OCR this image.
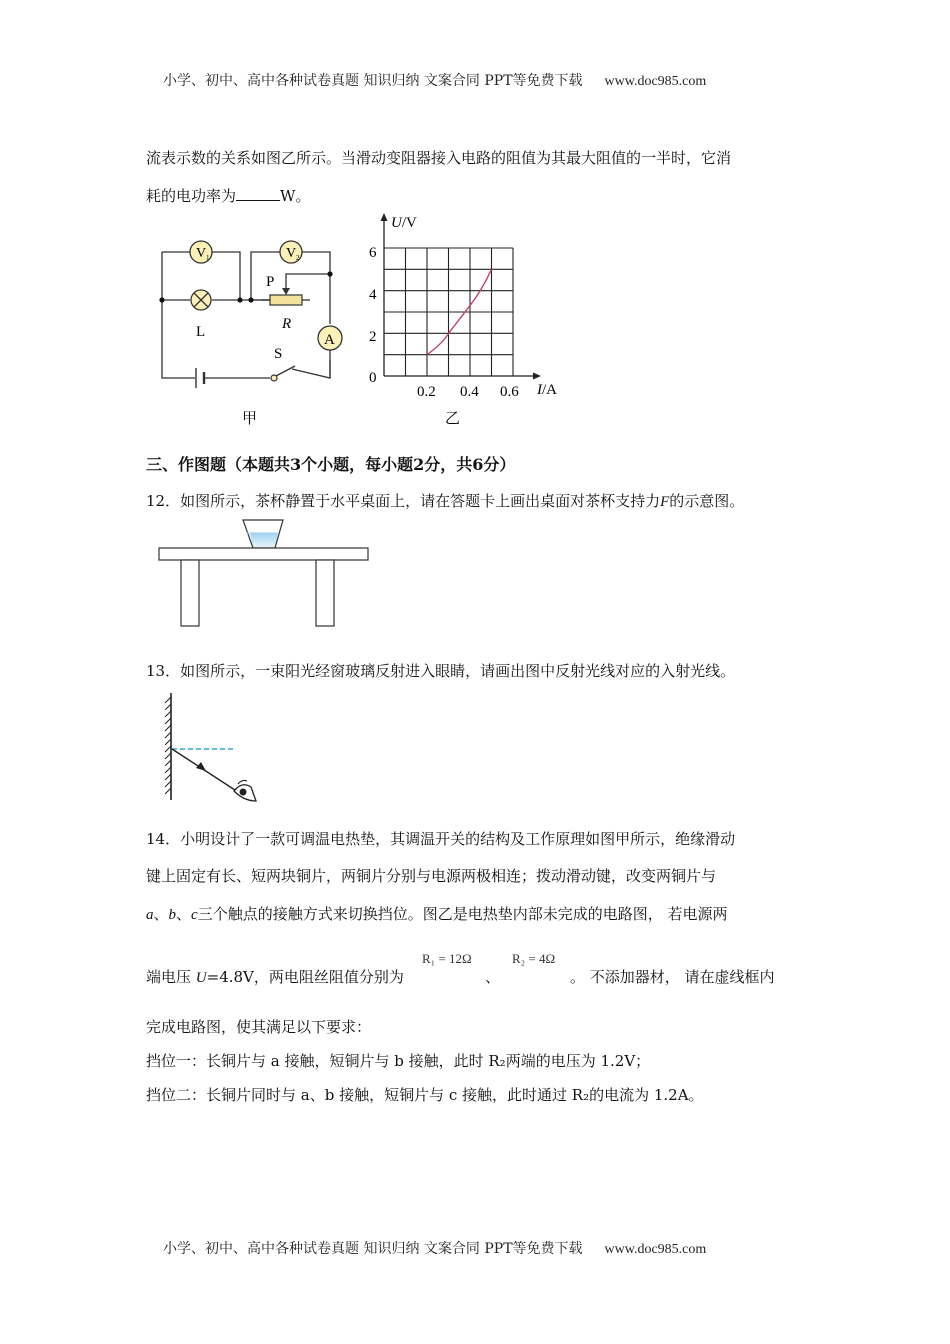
小学、初中、高中各种试卷真题 知识归纳 文案合同 PPT等免费下载 www.doc985.com
流表示数的关系如图乙所示。当滑动变阻器接入电路的阻值为其最大阻值的一半时，它消
耗的电功率为	W。
V 1	V 2
L
P
R
A
S
甲
U/V
6
4
2
0
0.2 0.4 0.6 I/A
乙
三、作图题（本题共3个小题，每小题2分，共6分）
12．如图所示，茶杯静置于水平桌面上，请在答题卡上画出桌面对茶杯支持力F的示意图。
13．如图所示，一束阳光经窗玻璃反射进入眼睛，请画出图中反射光线对应的入射光线。
14．小明设计了一款可调温电热垫，其调温开关的结构及工作原理如图甲所示，绝缘滑动
键上固定有长、短两块铜片，两铜片分别与电源两极相连；拨动滑动键，改变两铜片与
a、b、c三个触点的接触方式来切换挡位。图乙是电热垫内部未完成的电路图， 若电源两
端电压 U=4.8V，两电阻丝阻值分别为
R₁ = 12Ω
、
R₂ = 4Ω
。 不添加器材， 请在虚线框内
完成电路图，使其满足以下要求：
挡位一：长铜片与 a 接触，短铜片与 b 接触，此时 R₂两端的电压为 1.2V；
挡位二：长铜片同时与 a、b 接触，短铜片与 c 接触，此时通过 R₂的电流为 1.2A。
小学、初中、高中各种试卷真题 知识归纳 文案合同 PPT等免费下载 www.doc985.com
